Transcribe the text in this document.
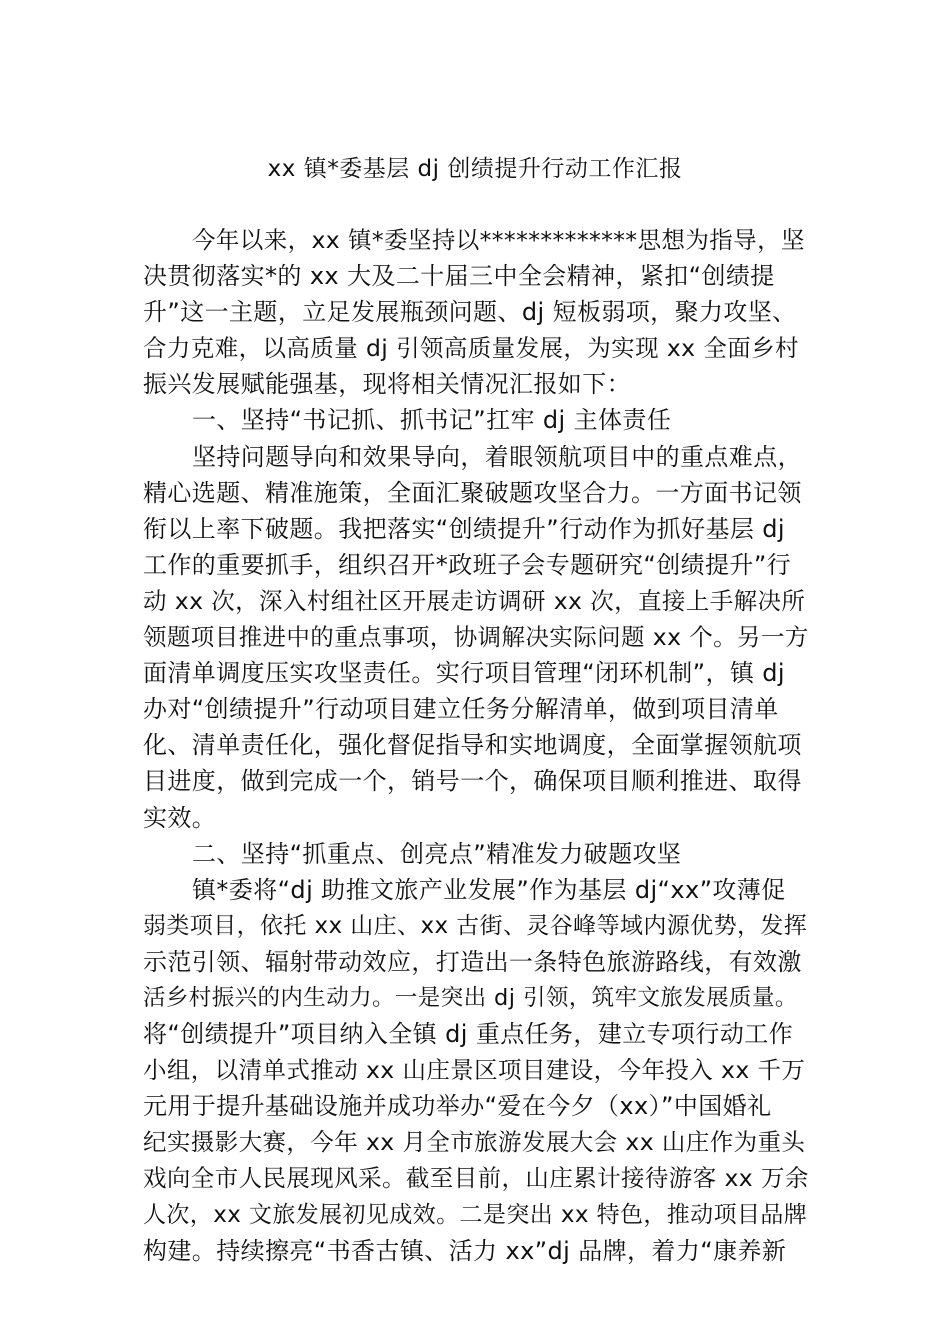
xx 镇*委基层 dj 创绩提升行动工作汇报
今年以来，xx 镇*委坚持以*************思想为指导，坚
决贯彻落实*的 xx 大及二十届三中全会精神，紧扣“创绩提
升”这一主题，立足发展瓶颈问题、dj 短板弱项，聚力攻坚、
合力克难，以高质量 dj 引领高质量发展，为实现 xx 全面乡村
振兴发展赋能强基，现将相关情况汇报如下：
一、坚持“书记抓、抓书记”扛牢 dj 主体责任
坚持问题导向和效果导向，着眼领航项目中的重点难点，
精心选题、精准施策，全面汇聚破题攻坚合力。一方面书记领
衔以上率下破题。我把落实“创绩提升”行动作为抓好基层 dj
工作的重要抓手，组织召开*政班子会专题研究“创绩提升”行
动 xx 次，深入村组社区开展走访调研 xx 次，直接上手解决所
领题项目推进中的重点事项，协调解决实际问题 xx 个。另一方
面清单调度压实攻坚责任。实行项目管理“闭环机制”，镇 dj
办对“创绩提升”行动项目建立任务分解清单，做到项目清单
化、清单责任化，强化督促指导和实地调度，全面掌握领航项
目进度，做到完成一个，销号一个，确保项目顺利推进、取得
实效。
二、坚持“抓重点、创亮点”精准发力破题攻坚
镇*委将“dj 助推文旅产业发展”作为基层 dj“xx”攻薄促
弱类项目，依托 xx 山庄、xx 古街、灵谷峰等域内源优势，发挥
示范引领、辐射带动效应，打造出一条特色旅游路线，有效激
活乡村振兴的内生动力。一是突出 dj 引领，筑牢文旅发展质量。
将“创绩提升”项目纳入全镇 dj 重点任务，建立专项行动工作
小组，以清单式推动 xx 山庄景区项目建设，今年投入 xx 千万
元用于提升基础设施并成功举办“爱在今夕（xx）”中国婚礼
纪实摄影大赛，今年 xx 月全市旅游发展大会 xx 山庄作为重头
戏向全市人民展现风采。截至目前，山庄累计接待游客 xx 万余
人次，xx 文旅发展初见成效。二是突出 xx 特色，推动项目品牌
构建。持续擦亮“书香古镇、活力 xx”dj 品牌，着力“康养新
